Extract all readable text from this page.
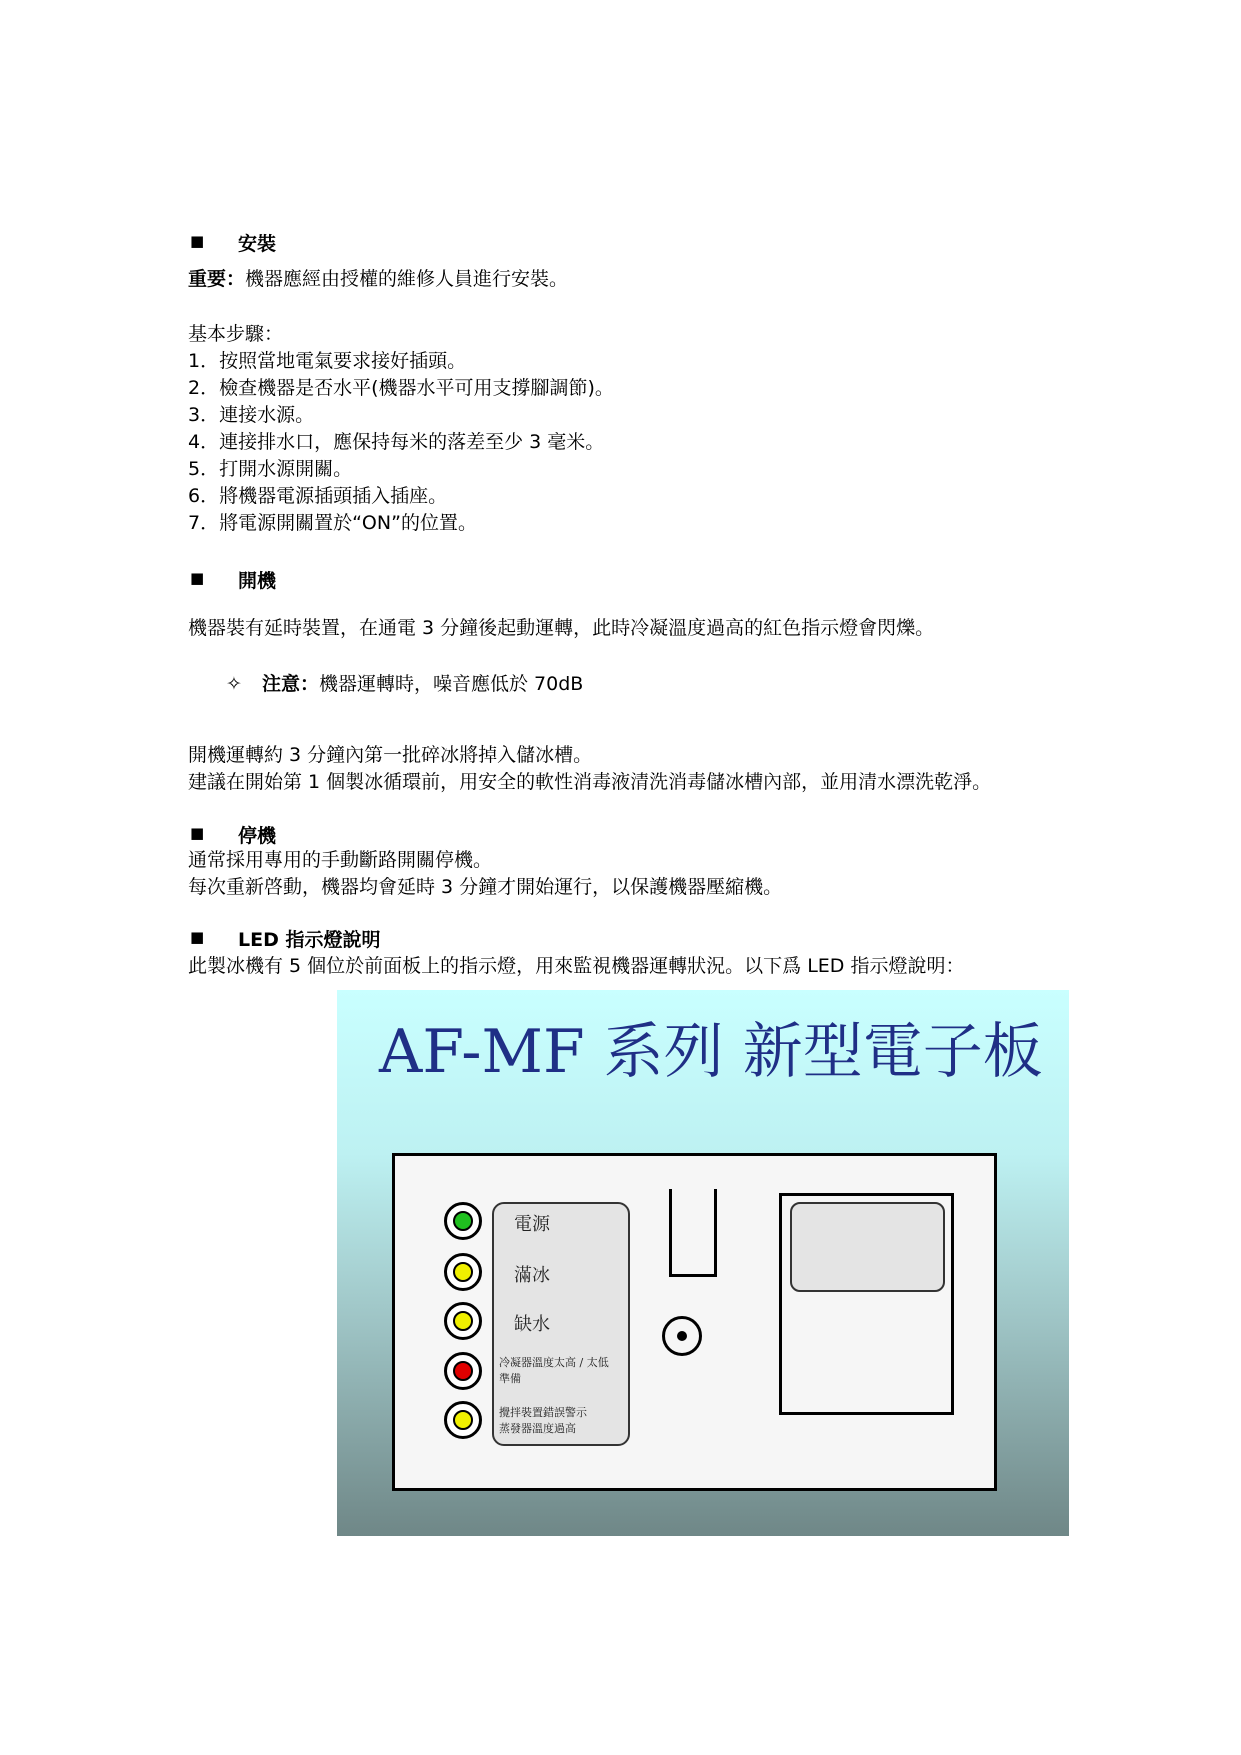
■ 安裝
重要：機器應經由授權的維修人員進行安裝。
基本步驟：
1．按照當地電氣要求接好插頭。
2．檢查機器是否水平(機器水平可用支撐腳調節)。
3．連接水源。
4．連接排水口，應保持每米的落差至少 3 毫米。
5．打開水源開關。
6．將機器電源插頭插入插座。
7．將電源開關置於“ON”的位置。
■ 開機
機器裝有延時裝置，在通電 3 分鐘後起動運轉，此時冷凝溫度過高的紅色指示燈會閃爍。
✧ 注意：機器運轉時，噪音應低於 70dB
開機運轉約 3 分鐘內第一批碎冰將掉入儲冰槽。
建議在開始第 1 個製冰循環前，用安全的軟性消毒液清洗消毒儲冰槽內部，並用清水漂洗乾淨。
■ 停機
通常採用專用的手動斷路開關停機。
每次重新啓動，機器均會延時 3 分鐘才開始運行，以保護機器壓縮機。
■ LED 指示燈說明
此製冰機有 5 個位於前面板上的指示燈，用來監視機器運轉狀況。以下爲 LED 指示燈說明：
AF-MF 系列 新型電子板
電源
滿冰
缺水
冷凝器溫度太高 / 太低
準備
攪拌裝置錯誤警示
蒸發器溫度過高
